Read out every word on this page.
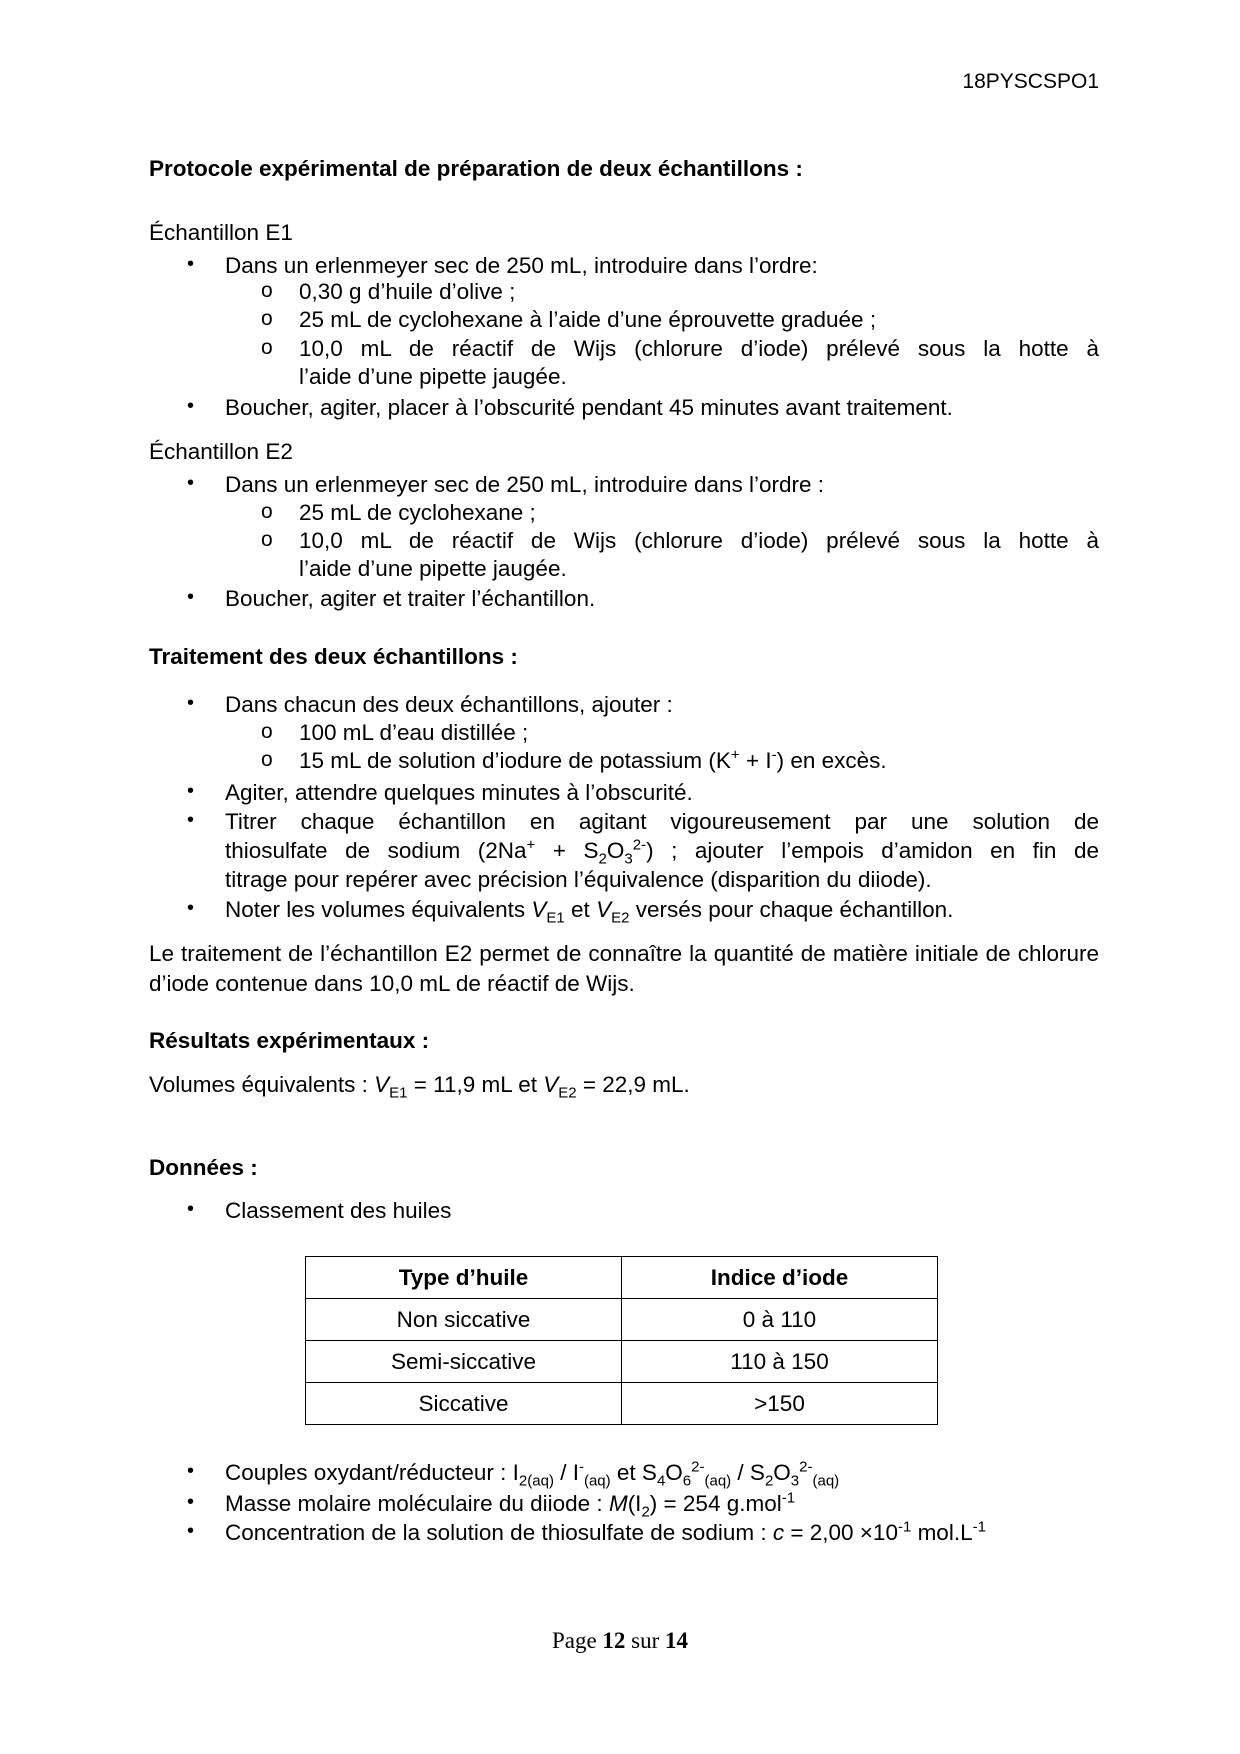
18PYSCSPO1
Protocole expérimental de préparation de deux échantillons :
Échantillon E1
• Dans un erlenmeyer sec de 250 mL, introduire dans l’ordre:
o 0,30 g d’huile d’olive ;
o 25 mL de cyclohexane à l’aide d’une éprouvette graduée ;
o 10,0 mL de réactif de Wijs (chlorure d’iode) prélevé sous la hotte à
l’aide d’une pipette jaugée.
• Boucher, agiter, placer à l’obscurité pendant 45 minutes avant traitement.
Échantillon E2
• Dans un erlenmeyer sec de 250 mL, introduire dans l’ordre :
o 25 mL de cyclohexane ;
o 10,0 mL de réactif de Wijs (chlorure d’iode) prélevé sous la hotte à
l’aide d’une pipette jaugée.
• Boucher, agiter et traiter l’échantillon.
Traitement des deux échantillons :
• Dans chacun des deux échantillons, ajouter :
o 100 mL d’eau distillée ;
o 15 mL de solution d’iodure de potassium (K+ + I-) en excès.
• Agiter, attendre quelques minutes à l’obscurité.
• Titrer chaque échantillon en agitant vigoureusement par une solution de
thiosulfate de sodium $(2Na^+ + S_2O_3^{2-})$ ; ajouter l’empois d’amidon en fin de
titrage pour repérer avec précision l’équivalence (disparition du diiode).
• Noter les volumes équivalents $V_{E1}$ et $V_{E2}$ versés pour chaque échantillon.
Le traitement de l’échantillon E2 permet de connaître la quantité de matière initiale de chlorure d’iode contenue dans 10,0 mL de réactif de Wijs.
Résultats expérimentaux :
Volumes équivalents : $V_{E1} = 11,9$ mL et $V_{E2} = 22,9$ mL.
Données :
• Classement des huiles
Type d’huile	Indice d’iode
Non siccative	0 à 110
Semi-siccative	110 à 150
Siccative	>150
• Couples oxydant/réducteur : $I_{2(aq)} / I^-_{(aq)}$ et $S_4O_6^{2-}_{(aq)} / S_2O_3^{2-}_{(aq)}$
• Masse molaire moléculaire du diiode : $M(I_2) = 254$ g.mol$^{-1}$
• Concentration de la solution de thiosulfate de sodium : $c = 2,00 \times 10^{-1}$ $mol.L^{-1}$
Page 12 sur 14
